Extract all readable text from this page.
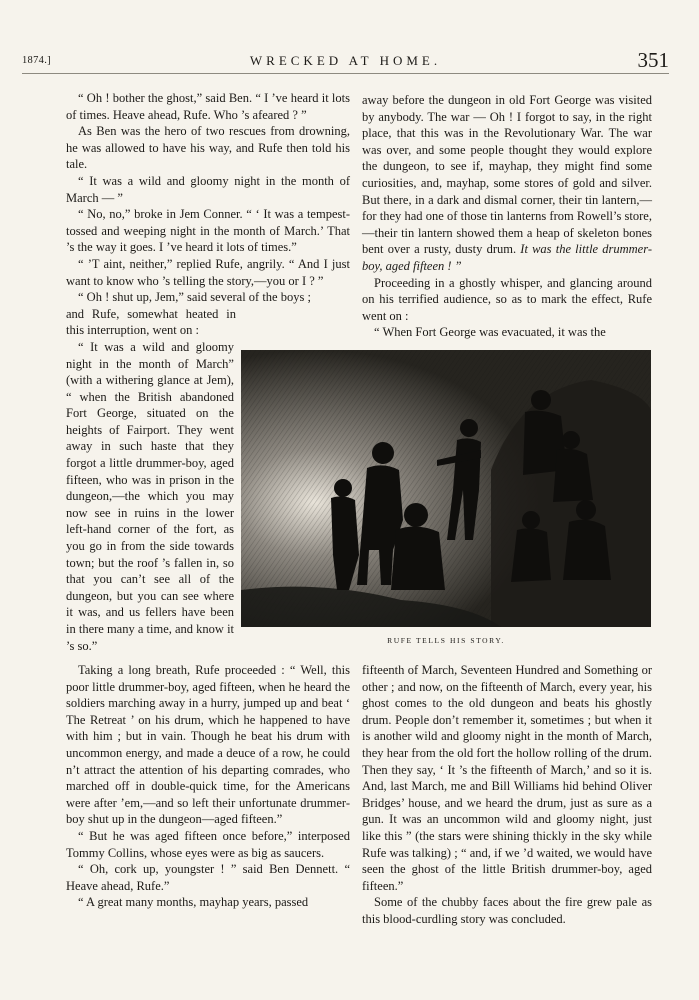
1874.]	WRECKED AT HOME.	351

“ Oh ! bother the ghost,” said Ben. “ I ’ve heard it lots of times. Heave ahead, Rufe. Who ’s afeared ? ”

As Ben was the hero of two rescues from drowning, he was allowed to have his way, and Rufe then told his tale.

“ It was a wild and gloomy night in the month of March — ”

“ No, no,” broke in Jem Conner. “ ‘ It was a tempest-tossed and weeping night in the month of March.’ That ’s the way it goes. I ’ve heard it lots of times.”

“ ’T aint, neither,” replied Rufe, angrily. “ And I just want to know who ’s telling the story,—you or I ? ”

“ Oh ! shut up, Jem,” said several of the boys ;

and Rufe, somewhat heated in this interruption, went on :

“ It was a wild and gloomy night in the month of March” (with a withering glance at Jem), “ when the British abandoned Fort George, situated on the heights of Fairport. They went away in such haste that they forgot a little drummer-boy, aged fifteen, who was in prison in the dungeon,—the which you may now see in ruins in the lower left-hand corner of the fort, as you go in from the side towards town; but the roof ’s fallen in, so that you can’t see all of the dungeon, but you can see where it was, and us fellers have been in there many a time, and know it ’s so.”	RUFE TELLS HIS STORY.

Taking a long breath, Rufe proceeded : “ Well, this poor little drummer-boy, aged fifteen, when he heard the soldiers marching away in a hurry, jumped up and beat ‘ The Retreat ’ on his drum, which he happened to have with him ; but in vain. Though he beat his drum with uncommon energy, and made a deuce of a row, he could n’t attract the attention of his departing comrades, who marched off in double-quick time, for the Americans were after ’em,—and so left their unfortunate drummer-boy shut up in the dungeon—aged fifteen.”

“ But he was aged fifteen once before,” interposed Tommy Collins, whose eyes were as big as saucers.

“ Oh, cork up, youngster ! ” said Ben Dennett. “ Heave ahead, Rufe.”

“ A great many months, mayhap years, passed

away before the dungeon in old Fort George was visited by anybody. The war — Oh ! I forgot to say, in the right place, that this was in the Revolutionary War. The war was over, and some people thought they would explore the dungeon, to see if, mayhap, they might find some curiosities, and, mayhap, some stores of gold and silver. But there, in a dark and dismal corner, their tin lantern,—for they had one of those tin lanterns from Rowell’s store,—their tin lantern showed them a heap of skeleton bones bent over a rusty, dusty drum. It was the little drummer-boy, aged fifteen ! ”

Proceeding in a ghostly whisper, and glancing around on his terrified audience, so as to mark the effect, Rufe went on :

“ When Fort George was evacuated, it was the

fifteenth of March, Seventeen Hundred and Something or other ; and now, on the fifteenth of March, every year, his ghost comes to the old dungeon and beats his ghostly drum. People don’t remember it, sometimes ; but when it is another wild and gloomy night in the month of March, they hear from the old fort the hollow rolling of the drum. Then they say, ‘ It ’s the fifteenth of March,’ and so it is. And, last March, me and Bill Williams hid behind Oliver Bridges’ house, and we heard the drum, just as sure as a gun. It was an uncommon wild and gloomy night, just like this ” (the stars were shining thickly in the sky while Rufe was talking) ; “ and, if we ’d waited, we would have seen the ghost of the little British drummer-boy, aged fifteen.”

Some of the chubby faces about the fire grew pale as this blood-curdling story was concluded.
